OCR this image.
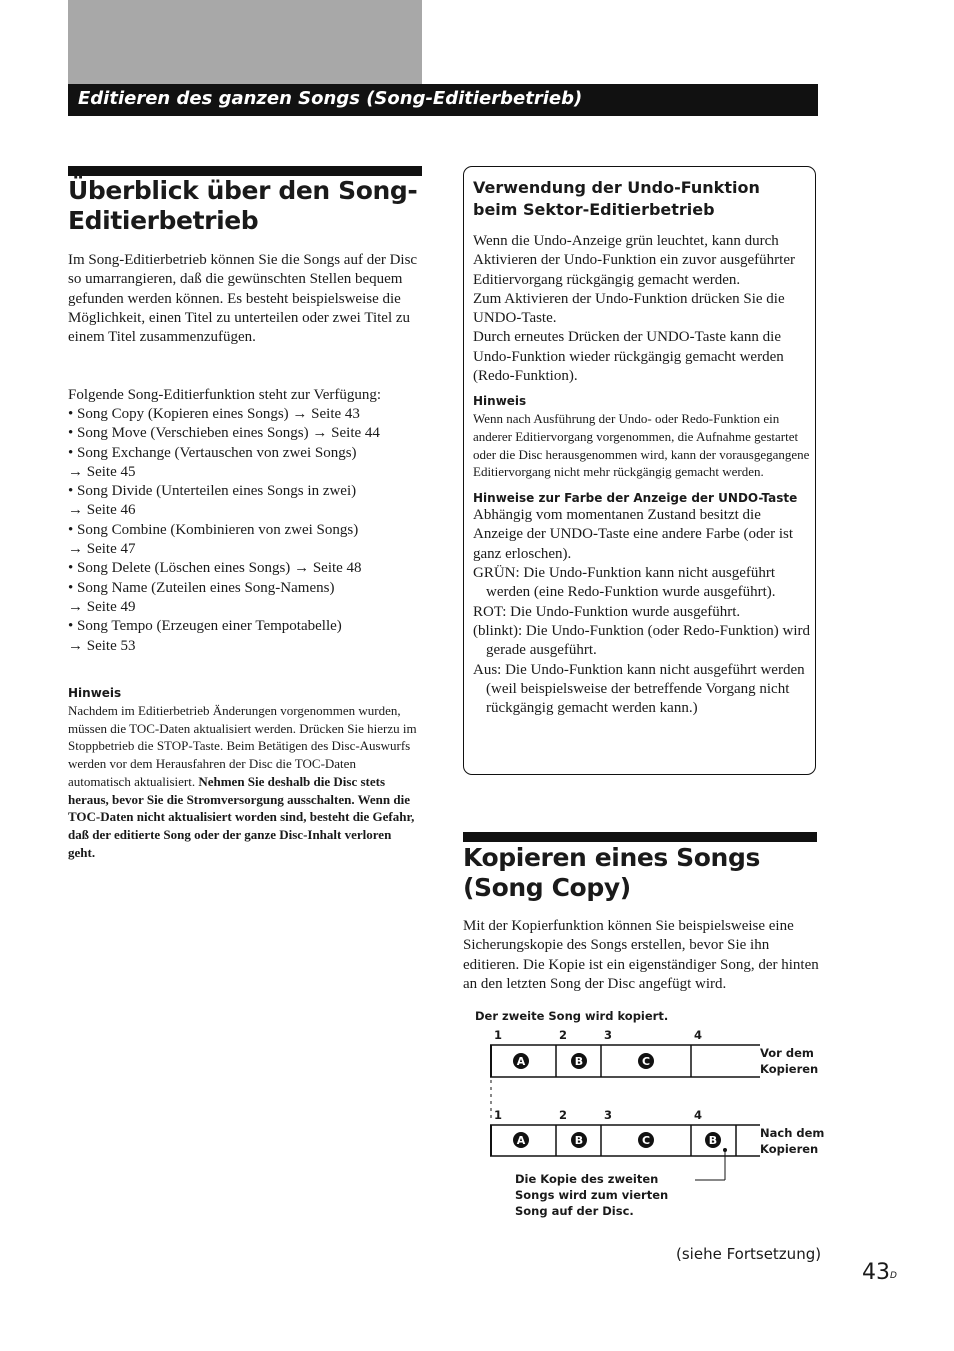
Editieren des ganzen Songs (Song-Editierbetrieb)
Überblick über den Song-Editierbetrieb

Im Song-Editierbetrieb können Sie die Songs auf der Disc so umarrangieren, daß die gewünschten Stellen bequem gefunden werden können. Es besteht beispielsweise die Möglichkeit, einen Titel zu unterteilen oder zwei Titel zu einem Titel zusammenzufügen.

Folgende Song-Editierfunktion steht zur Verfügung:

• Song Copy (Kopieren eines Songs) → Seite 43
• Song Move (Verschieben eines Songs) → Seite 44
• Song Exchange (Vertauschen von zwei Songs)
→ Seite 45
• Song Divide (Unterteilen eines Songs in zwei)
→ Seite 46
• Song Combine (Kombinieren von zwei Songs)
→ Seite 47
• Song Delete (Löschen eines Songs) → Seite 48
• Song Name (Zuteilen eines Song-Namens)
→ Seite 49
• Song Tempo (Erzeugen einer Tempotabelle)
→ Seite 53
Hinweis

Nachdem im Editierbetrieb Änderungen vorgenommen wurden, müssen die TOC-Daten aktualisiert werden. Drücken Sie hierzu im Stoppbetrieb die STOP-Taste. Beim Betätigen des Disc-Auswurfs werden vor dem Herausfahren der Disc die TOC-Daten automatisch aktualisiert. Nehmen Sie deshalb die Disc stets heraus, bevor Sie die Stromversorgung ausschalten. Wenn die TOC-Daten nicht aktualisiert worden sind, besteht die Gefahr, daß der editierte Song oder der ganze Disc-Inhalt verloren geht.

Verwendung der Undo-Funktion beim Sektor-Editierbetrieb

Wenn die Undo-Anzeige grün leuchtet, kann durch Aktivieren der Undo-Funktion ein zuvor ausgeführter Editiervorgang rückgängig gemacht werden.

Zum Aktivieren der Undo-Funktion drücken Sie die UNDO-Taste.

Durch erneutes Drücken der UNDO-Taste kann die Undo-Funktion wieder rückgängig gemacht werden (Redo-Funktion).

Hinweis

Wenn nach Ausführung der Undo- oder Redo-Funktion ein anderer Editiervorgang vorgenommen, die Aufnahme gestartet oder die Disc herausgenommen wird, kann der vorausgegangene Editiervorgang nicht mehr rückgängig gemacht werden.

Hinweise zur Farbe der Anzeige der UNDO-Taste

Abhängig vom momentanen Zustand besitzt die Anzeige der UNDO-Taste eine andere Farbe (oder ist ganz erloschen).

GRÜN: Die Undo-Funktion kann nicht ausgeführt werden (eine Redo-Funktion wurde ausgeführt).

ROT: Die Undo-Funktion wurde ausgeführt.

(blinkt): Die Undo-Funktion (oder Redo-Funktion) wird gerade ausgeführt.

Aus: Die Undo-Funktion kann nicht ausgeführt werden (weil beispielsweise der betreffende Vorgang nicht rückgängig gemacht werden kann.)

Kopieren eines Songs (Song Copy)

Mit der Kopierfunktion können Sie beispielsweise eine Sicherungskopie des Songs erstellen, bevor Sie ihn editieren. Die Kopie ist ein eigenständiger Song, der hinten an den letzten Song der Disc angefügt wird.

Der zweite Song wird kopiert.
1	2	3	4
A	B	C
Vor dem Kopieren
1	2	3	4
A	B	C	B	Nach dem Kopieren
Die Kopie des zweiten Songs wird zum vierten Song auf der Disc.
(siehe Fortsetzung)
$43^D$
